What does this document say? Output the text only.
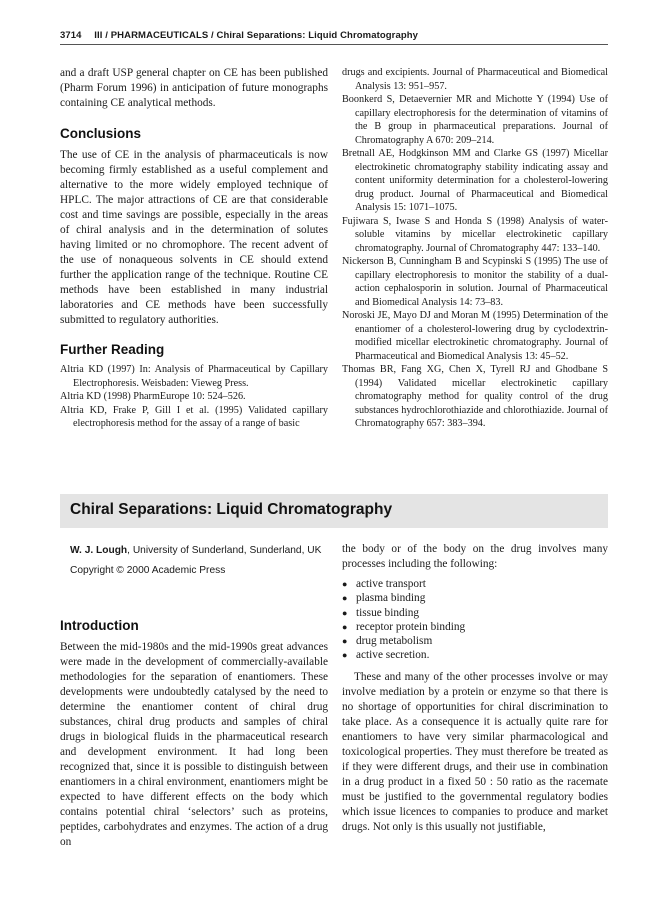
3714 III / PHARMACEUTICALS / Chiral Separations: Liquid Chromatography

and a draft USP general chapter on CE has been published (Pharm Forum 1996) in anticipation of future monographs containing CE analytical methods.

Conclusions

The use of CE in the analysis of pharmaceuticals is now becoming firmly established as a useful complement and alternative to the more widely employed technique of HPLC. The major attractions of CE are that considerable cost and time savings are possible, especially in the areas of chiral analysis and in the determination of solutes having limited or no chromophore. The recent advent of the use of nonaqueous solvents in CE should extend further the application range of the technique. Routine CE methods have been established in many industrial laboratories and CE methods have been successfully submitted to regulatory authorities.

Further Reading
Altria KD (1997) In: Analysis of Pharmaceutical by Capillary Electrophoresis. Weisbaden: Vieweg Press.
Altria KD (1998) PharmEurope 10: 524–526.
Altria KD, Frake P, Gill I et al. (1995) Validated capillary electrophoresis method for the assay of a range of basic
drugs and excipients. Journal of Pharmaceutical and Biomedical Analysis 13: 951–957.
Boonkerd S, Detaevernier MR and Michotte Y (1994) Use of capillary electrophoresis for the determination of vitamins of the B group in pharmaceutical preparations. Journal of Chromatography A 670: 209–214.
Bretnall AE, Hodgkinson MM and Clarke GS (1997) Micellar electrokinetic chromatography stability indicating assay and content uniformity determination for a cholesterol-lowering drug product. Journal of Pharmaceutical and Biomedical Analysis 15: 1071–1075.
Fujiwara S, Iwase S and Honda S (1998) Analysis of water-soluble vitamins by micellar electrokinetic capillary chromatography. Journal of Chromatography 447: 133–140.
Nickerson B, Cunningham B and Scypinski S (1995) The use of capillary electrophoresis to monitor the stability of a dual-action cephalosporin in solution. Journal of Pharmaceutical and Biomedical Analysis 14: 73–83.
Noroski JE, Mayo DJ and Moran M (1995) Determination of the enantiomer of a cholesterol-lowering drug by cyclodextrin-modified micellar electrokinetic chromatography. Journal of Pharmaceutical and Biomedical Analysis 13: 45–52.
Thomas BR, Fang XG, Chen X, Tyrell RJ and Ghodbane S (1994) Validated micellar electrokinetic capillary chromatography method for quality control of the drug substances hydrochlorothiazide and chlorothiazide. Journal of Chromatography 657: 383–394.
Chiral Separations: Liquid Chromatography

W. J. Lough, University of Sunderland, Sunderland, UK

Copyright © 2000 Academic Press

Introduction

Between the mid-1980s and the mid-1990s great advances were made in the development of commercially-available methodologies for the separation of enantiomers. These developments were undoubtedly catalysed by the need to determine the enantiomer content of chiral drug substances, chiral drug products and samples of chiral drugs in biological fluids in the pharmaceutical research and development environment. It had long been recognized that, since it is possible to distinguish between enantiomers in a chiral environment, enantiomers might be expected to have different effects on the body which contains potential chiral ‘selectors’ such as proteins, peptides, carbohydrates and enzymes. The action of a drug on

the body or of the body on the drug involves many processes including the following:

● active transport
● plasma binding
● tissue binding
● receptor protein binding
● drug metabolism
● active secretion.

These and many of the other processes involve or may involve mediation by a protein or enzyme so that there is no shortage of opportunities for chiral discrimination to take place. As a consequence it is actually quite rare for enantiomers to have very similar pharmacological and toxicological properties. They must therefore be treated as if they were different drugs, and their use in combination in a drug product in a fixed 50 : 50 ratio as the racemate must be justified to the governmental regulatory bodies which issue licences to companies to produce and market drugs. Not only is this usually not justifiable,
